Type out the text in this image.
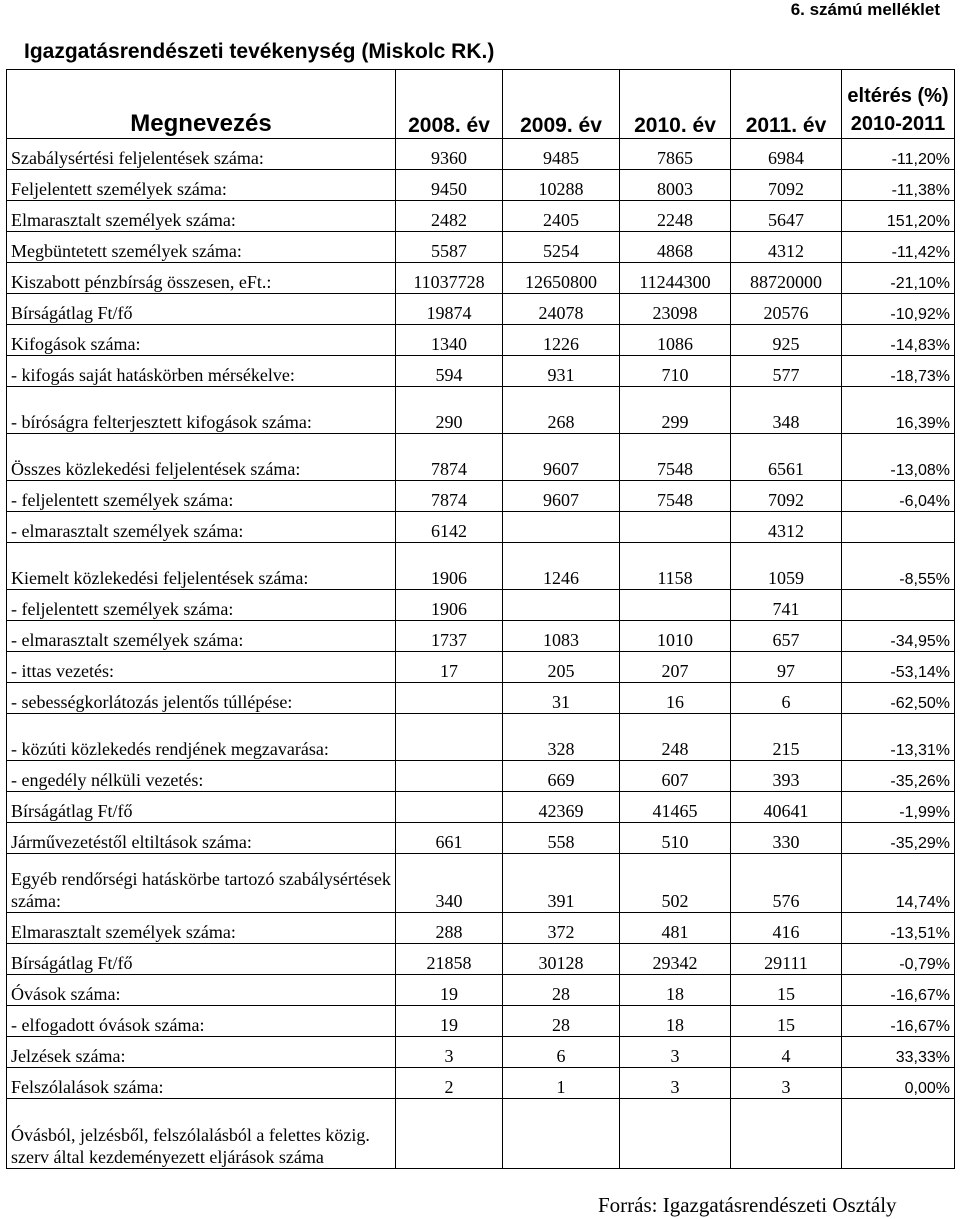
6. számú melléklet
Igazgatásrendészeti tevékenység (Miskolc RK.)
Megnevezés	2008. év	2009. év	2010. év	2011. év	eltérés (%)
2010-2011

Szabálysértési feljelentések száma:	9360	9485	7865	6984	-11,20%
Feljelentett személyek száma:	9450	10288	8003	7092	-11,38%
Elmarasztalt személyek száma:	2482	2405	2248	5647	151,20%
Megbüntetett személyek száma:	5587	5254	4868	4312	-11,42%
Kiszabott pénzbírság összesen, eFt.:	11037728	12650800	11244300	88720000	-21,10%
Bírságátlag Ft/fő	19874	24078	23098	20576	-10,92%
Kifogások száma:	1340	1226	1086	925	-14,83%
- kifogás saját hatáskörben mérsékelve:	594	931	710	577	-18,73%
- bíróságra felterjesztett kifogások száma:	290	268	299	348	16,39%
Összes közlekedési feljelentések száma:	7874	9607	7548	6561	-13,08%
- feljelentett személyek száma:	7874	9607	7548	7092	-6,04%
- elmarasztalt személyek száma:	6142			4312	
Kiemelt közlekedési feljelentések száma:	1906	1246	1158	1059	-8,55%
- feljelentett személyek száma:	1906			741	
- elmarasztalt személyek száma:	1737	1083	1010	657	-34,95%
- ittas vezetés:	17	205	207	97	-53,14%
- sebességkorlátozás jelentős túllépése:		31	16	6	-62,50%
- közúti közlekedés rendjének megzavarása:		328	248	215	-13,31%
- engedély nélküli vezetés:		669	607	393	-35,26%
Bírságátlag Ft/fő		42369	41465	40641	-1,99%
Járművezetéstől eltiltások száma:	661	558	510	330	-35,29%
Egyéb rendőrségi hatáskörbe tartozó szabálysértések száma:	340	391	502	576	14,74%
Elmarasztalt személyek száma:	288	372	481	416	-13,51%
Bírságátlag Ft/fő	21858	30128	29342	29111	-0,79%
Óvások száma:	19	28	18	15	-16,67%
- elfogadott óvások száma:	19	28	18	15	-16,67%
Jelzések száma:	3	6	3	4	33,33%
Felszólalások száma:	2	1	3	3	0,00%
Óvásból, jelzésből, felszólalásból a felettes közig. szerv által kezdeményezett eljárások száma					
Forrás: Igazgatásrendészeti Osztály
